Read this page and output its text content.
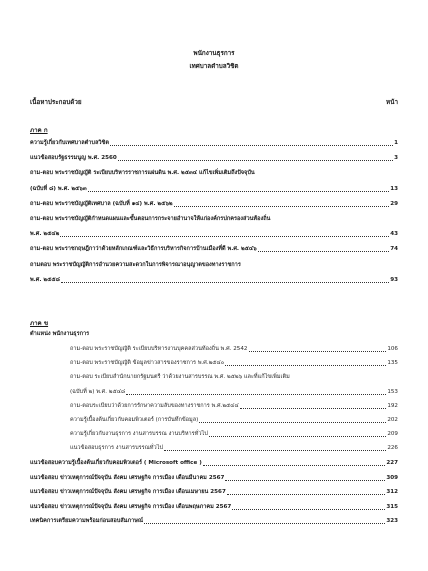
พนักงานธุรการ
เทศบาลตำบลวิชิต
เนื้อหาประกอบด้วย	หน้า
ภาค ก
ความรู้เกี่ยวกับเทศบาลตำบลวิชิต	1
แนวข้อสอบรัฐธรรมนูญ พ.ศ. 2560	3
ถาม-ตอบ พระราชบัญญัติ ระเบียบบริหารราชการแผ่นดิน พ.ศ. ๒๕๓๔ แก้ไขเพิ่มเติมถึงปัจจุบัน
(ฉบับที่ ๘) พ.ศ. ๒๕๖๓	13
ถาม-ตอบ พระราชบัญญัติเทศบาล (ฉบับที่ ๑๔) พ.ศ. ๒๕๖๒	29
ถาม-ตอบ พระราชบัญญัติกำหนดแผนและขั้นตอนการกระจายอำนาจให้แก่องค์กรปกครองส่วนท้องถิ่น
พ.ศ. ๒๕๔๒	43
ถาม-ตอบ พระราชกฤษฎีกาว่าด้วยหลักเกณฑ์และวิธีการบริหารกิจการบ้านเมืองที่ดี พ.ศ. ๒๕๔๖	74
ถามตอบ พระราชบัญญัติการอำนวยความสะดวกในการพิจารณาอนุญาตของทางราชการ
พ.ศ. ๒๕๕๘	93
ภาค ข
ตำแหน่ง พนักงานธุรการ
ถาม-ตอบ พระราชบัญญัติ ระเบียบบริหารงานบุคคลส่วนท้องถิ่น พ.ศ. 2542	106
ถาม-ตอบ พระราชบัญญัติ ข้อมูลข่าวสารของราชการ พ.ศ.๒๕๔๐	135
ถาม-ตอบ ระเบียบสำนักนายกรัฐมนตรี ว่าด้วยงานสารบรรณ พ.ศ. ๒๕๒๖ และที่แก้ไขเพิ่มเติม
(ฉบับที่ ๒) พ.ศ. ๒๕๔๘	153
ถาม-ตอบระเบียบว่าด้วยการรักษาความลับของทางราชการ พ.ศ.๒๕๔๔	192
ความรู้เบื้องต้นเกี่ยวกับคอมพิวเตอร์ (การบันทึกข้อมูล)	202
ความรู้เกี่ยวกับงานธุรการ งานสารบรรณ งานบริหารทั่วไป	209
แนวข้อสอบธุรการ งานสารบรรณทั่วไป	226
แนวข้อสอบความรู้เบื้องต้นเกี่ยวกับคอมพิวเตอร์ ( Microsoft office )	227
แนวข้อสอบ ข่าวเหตุการณ์ปัจจุบัน สังคม เศรษฐกิจ การเมือง เดือนมีนาคม 2567	309
แนวข้อสอบ ข่าวเหตุการณ์ปัจจุบัน สังคม เศรษฐกิจ การเมือง เดือนเมษายน 2567	312
แนวข้อสอบ ข่าวเหตุการณ์ปัจจุบัน สังคม เศรษฐกิจ การเมือง เดือนพฤษภาคม 2567	315
เทคนิคการเตรียมความพร้อมก่อนสอบสัมภาษณ์	323
